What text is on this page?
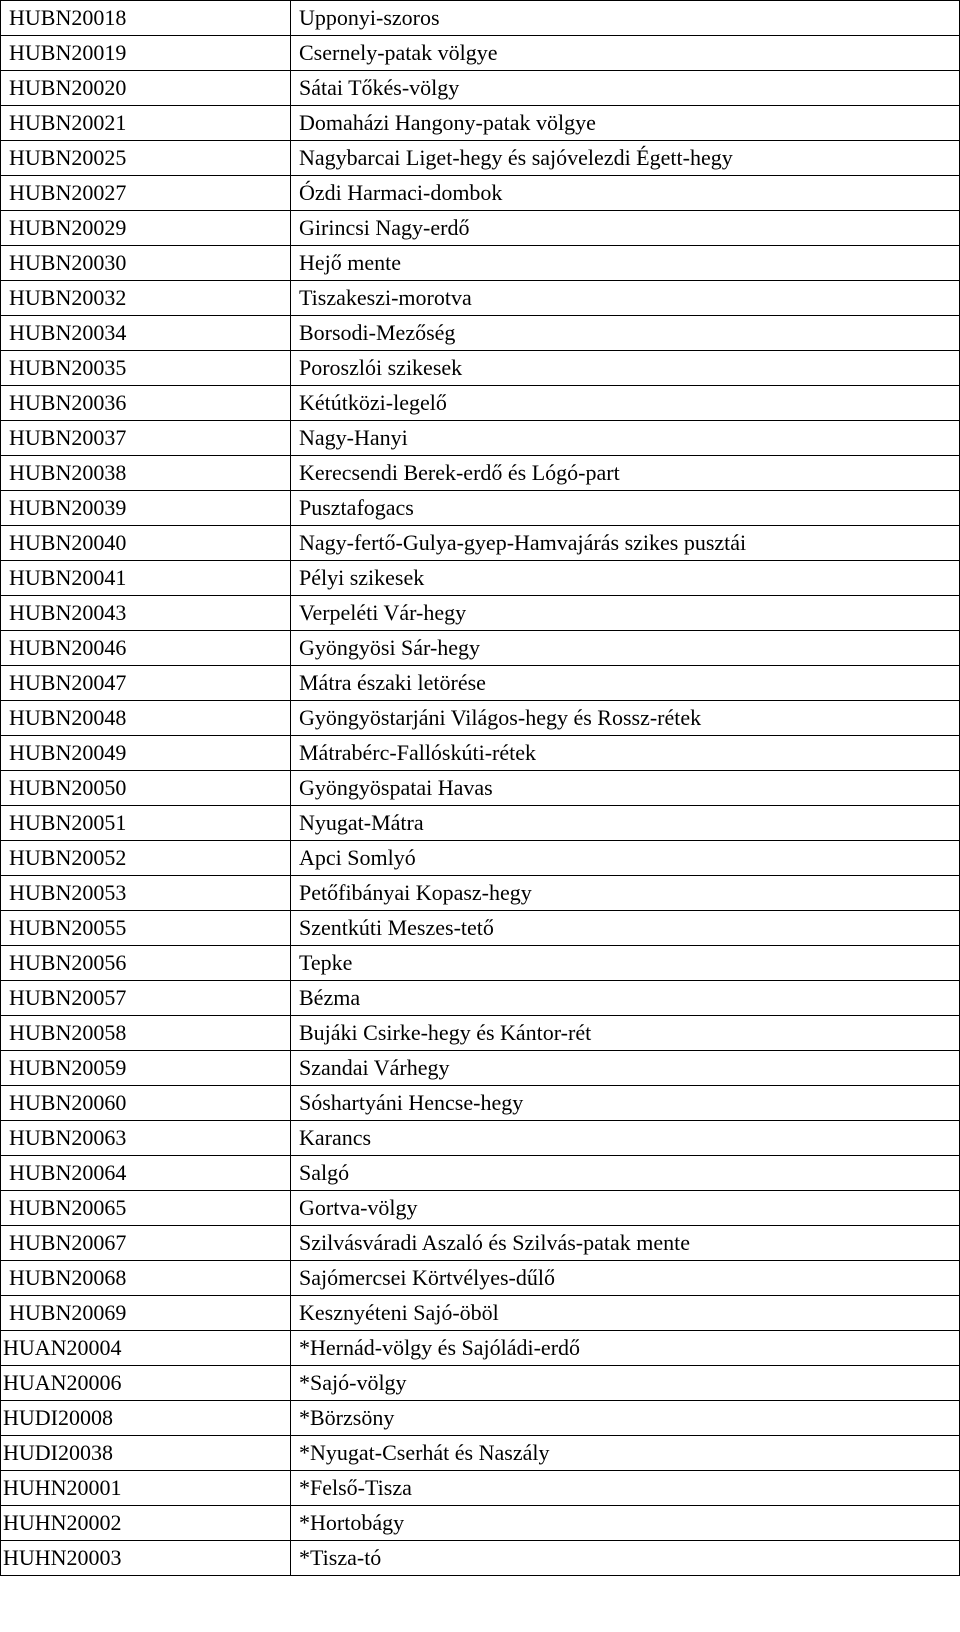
HUBN20018	Upponyi-szoros
HUBN20019	Csernely-patak völgye
HUBN20020	Sátai Tőkés-völgy
HUBN20021	Domaházi Hangony-patak völgye
HUBN20025	Nagybarcai Liget-hegy és sajóvelezdi Égett-hegy
HUBN20027	Ózdi Harmaci-dombok
HUBN20029	Girincsi Nagy-erdő
HUBN20030	Hejő mente
HUBN20032	Tiszakeszi-morotva
HUBN20034	Borsodi-Mezőség
HUBN20035	Poroszlói szikesek
HUBN20036	Kétútközi-legelő
HUBN20037	Nagy-Hanyi
HUBN20038	Kerecsendi Berek-erdő és Lógó-part
HUBN20039	Pusztafogacs
HUBN20040	Nagy-fertő-Gulya-gyep-Hamvajárás szikes pusztái
HUBN20041	Pélyi szikesek
HUBN20043	Verpeléti Vár-hegy
HUBN20046	Gyöngyösi Sár-hegy
HUBN20047	Mátra északi letörése
HUBN20048	Gyöngyöstarjáni Világos-hegy és Rossz-rétek
HUBN20049	Mátrabérc-Fallóskúti-rétek
HUBN20050	Gyöngyöspatai Havas
HUBN20051	Nyugat-Mátra
HUBN20052	Apci Somlyó
HUBN20053	Petőfibányai Kopasz-hegy
HUBN20055	Szentkúti Meszes-tető
HUBN20056	Tepke
HUBN20057	Bézma
HUBN20058	Bujáki Csirke-hegy és Kántor-rét
HUBN20059	Szandai Várhegy
HUBN20060	Sóshartyáni Hencse-hegy
HUBN20063	Karancs
HUBN20064	Salgó
HUBN20065	Gortva-völgy
HUBN20067	Szilvásváradi Aszaló és Szilvás-patak mente
HUBN20068	Sajómercsei Körtvélyes-dűlő
HUBN20069	Kesznyéteni Sajó-öböl
HUAN20004	*Hernád-völgy és Sajóládi-erdő
HUAN20006	*Sajó-völgy
HUDI20008	*Börzsöny
HUDI20038	*Nyugat-Cserhát és Naszály
HUHN20001	*Felső-Tisza
HUHN20002	*Hortobágy
HUHN20003	*Tisza-tó
